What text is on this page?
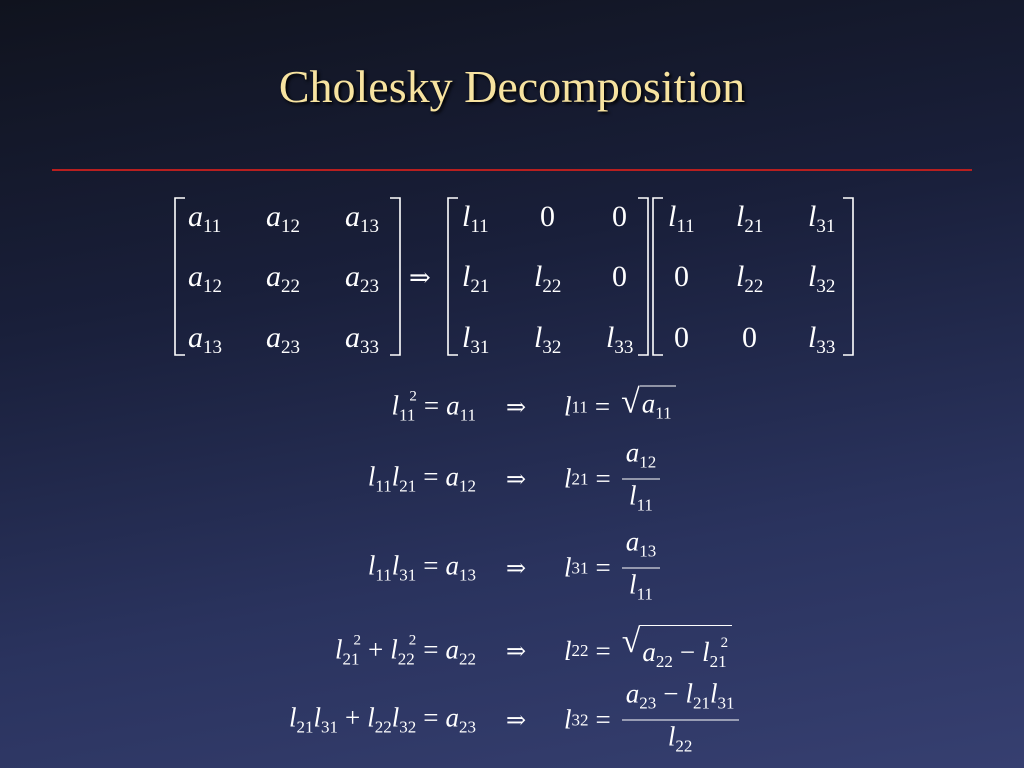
Cholesky Decomposition
⇒
$a_{11}$ $a_{12}$ $a_{13}$
$a_{12}$ $a_{22}$ $a_{23}$
$a_{13}$ $a_{23}$ $a_{33}$
$l_{11}$ 0 0
$l_{21}$ $l_{22}$ 0
$l_{31}$ $l_{32}$ $l_{33}$
$l_{11}$ $l_{21}$ $l_{31}$
0 $l_{22}$ $l_{32}$
0 0 $l_{33}$
$l_{11}^2 = a_{11}$ ⇒ l 11 = √ $a_{11}$
$l_{11}l_{21} = a_{12}$ ⇒ l $21 = \frac{a_{12}}{l_{11}}$
$l_{11}l_{31} = a_{13}$ ⇒ l $31 = \frac{a_{13}}{l_{11}}$
$l_{21}^2 + l_{22}^2 = a_{22}$ ⇒ l 22 = √ $a_{22} - l_{21}^2$
$l_{21}l_{31} + l_{22}l_{32} = a_{23}$ ⇒ l $32 = \frac{a_{23} - l_{21}l_{31}}{l_{22}}$
